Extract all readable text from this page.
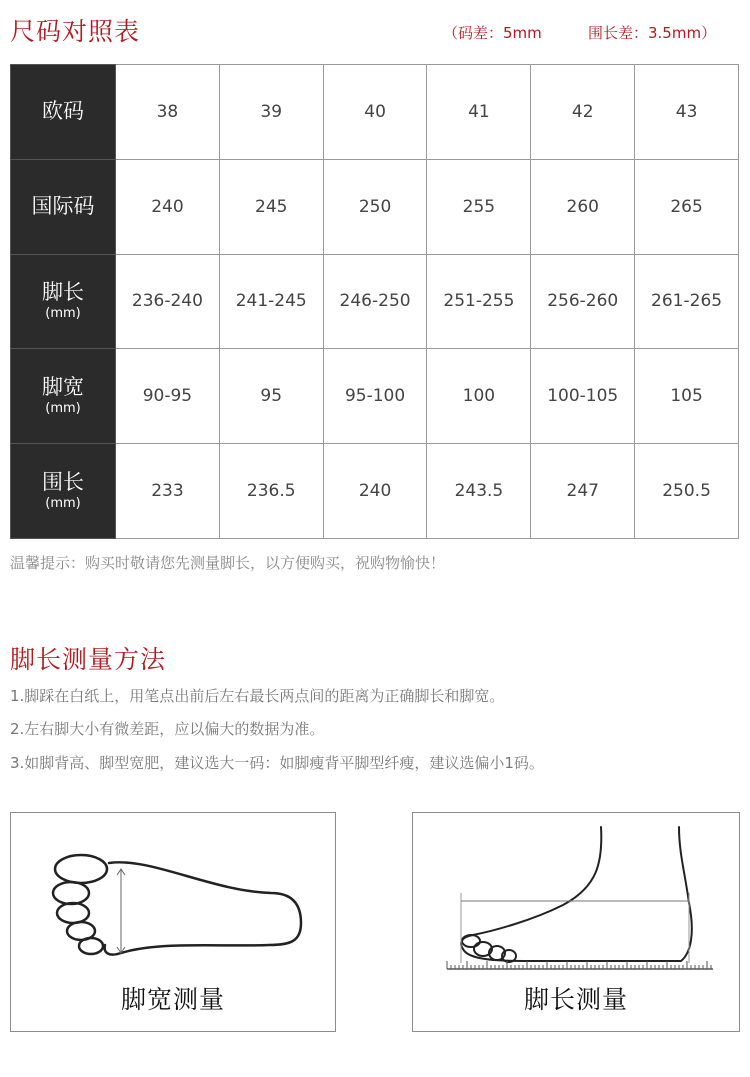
尺码对照表	（码差：5mm	围长差：3.5mm）
欧码	38	39	40	41	42	43

国际码	240	245	250	255	260	265

脚长
(mm)	236-240	241-245	246-250	251-255	256-260	261-265

脚宽
(mm)	90-95	95	95-100	100	100-105	105

围长
(mm)	233	236.5	240	243.5	247	250.5
温馨提示：购买时敬请您先测量脚长，以方便购买，祝购物愉快！
脚长测量方法
1.脚踩在白纸上，用笔点出前后左右最长两点间的距离为正确脚长和脚宽。
2.左右脚大小有微差距，应以偏大的数据为准。
3.如脚背高、脚型宽肥，建议选大一码：如脚瘦背平脚型纤瘦，建议选偏小1码。
脚宽测量	脚长测量
